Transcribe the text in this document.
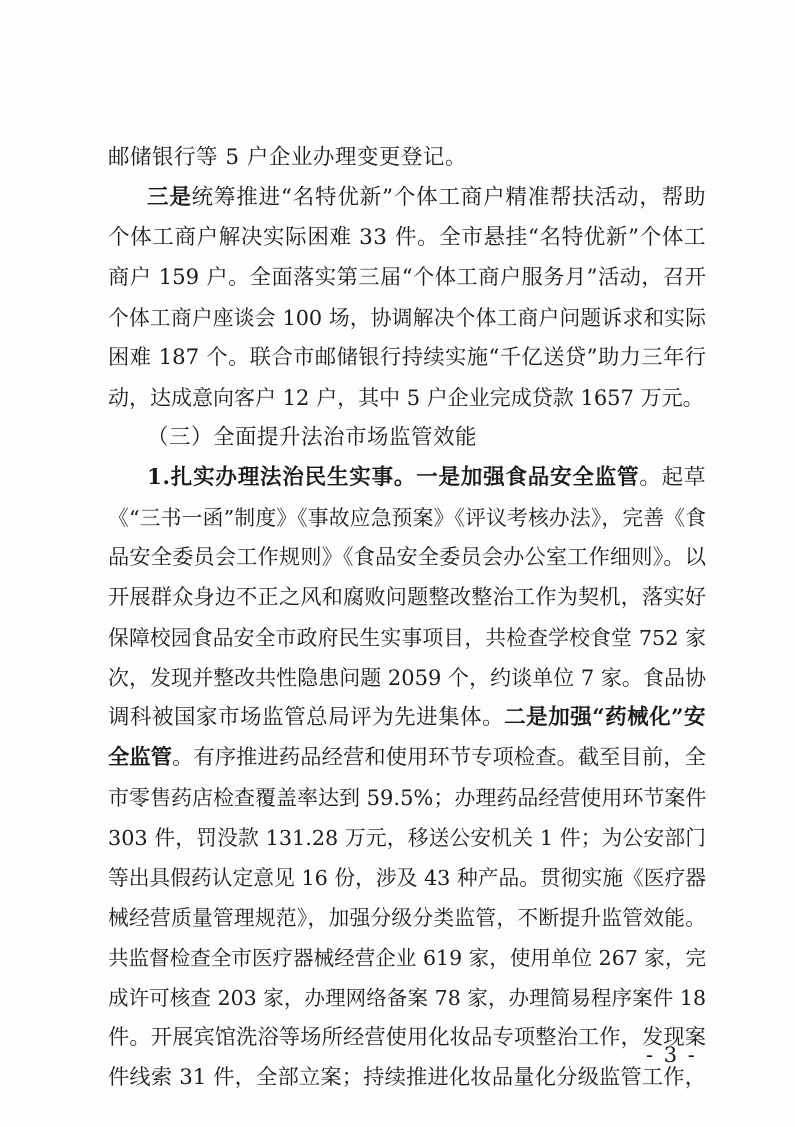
邮储银行等 5 户企业办理变更登记。
三是统筹推进“名特优新”个体工商户精准帮扶活动，帮助
个体工商户解决实际困难 33 件。全市悬挂“名特优新”个体工
商户 159 户。全面落实第三届“个体工商户服务月”活动，召开
个体工商户座谈会 100 场，协调解决个体工商户问题诉求和实际
困难 187 个。联合市邮储银行持续实施“千亿送贷”助力三年行
动，达成意向客户 12 户，其中 5 户企业完成贷款 1657 万元。
（三）全面提升法治市场监管效能
1.扎实办理法治民生实事。一是加强食品安全监管。起草
《“三书一函”制度》《事故应急预案》《评议考核办法》，完善《食
品安全委员会工作规则》《食品安全委员会办公室工作细则》。以
开展群众身边不正之风和腐败问题整改整治工作为契机，落实好
保障校园食品安全市政府民生实事项目，共检查学校食堂 752 家
次，发现并整改共性隐患问题 2059 个，约谈单位 7 家。食品协
调科被国家市场监管总局评为先进集体。二是加强“药械化”安
全监管。有序推进药品经营和使用环节专项检查。截至目前，全
市零售药店检查覆盖率达到 59.5%；办理药品经营使用环节案件
303 件，罚没款 131.28 万元，移送公安机关 1 件；为公安部门
等出具假药认定意见 16 份，涉及 43 种产品。贯彻实施《医疗器
械经营质量管理规范》，加强分级分类监管，不断提升监管效能。
共监督检查全市医疗器械经营企业 619 家，使用单位 267 家，完
成许可核查 203 家，办理网络备案 78 家，办理简易程序案件 18
件。开展宾馆洗浴等场所经营使用化妆品专项整治工作，发现案
件线索 31 件，全部立案；持续推进化妆品量化分级监管工作，
- 3 -
